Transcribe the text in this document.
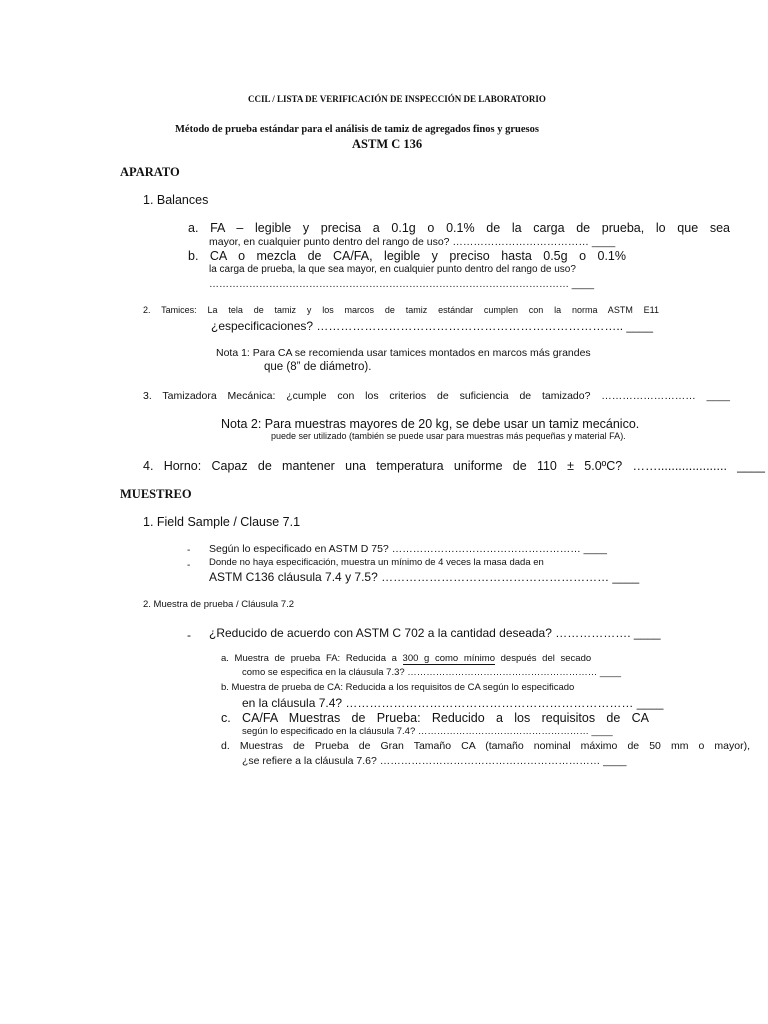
CCIL / LISTA DE VERIFICACIÓN DE INSPECCIÓN DE LABORATORIO
Método de prueba estándar para el análisis de tamiz de agregados finos y gruesos
ASTM C 136
APARATO
1. Balances
a. FA – legible y precisa a 0.1g o 0.1% de la carga de prueba, lo que sea
mayor, en cualquier punto dentro del rango de uso? ………………………………… ____
b. CA o mezcla de CA/FA, legible y preciso hasta 0.5g o 0.1%
la carga de prueba, la que sea mayor, en cualquier punto dentro del rango de uso?
……………………………………………………………………………………………… ____
2. Tamices: La tela de tamiz y los marcos de tamiz estándar cumplen con la norma ASTM E11
¿especificaciones? ………………………………………………………………….. ____
Nota 1: Para CA se recomienda usar tamices montados en marcos más grandes
que (8” de diámetro).
3. Tamizadora Mecánica: ¿cumple con los criterios de suficiencia de tamizado? ……………………… ____
Nota 2: Para muestras mayores de 20 kg, se debe usar un tamiz mecánico.
puede ser utilizado (también se puede usar para muestras más pequeñas y material FA).
4. Horno: Capaz de mantener una temperatura uniforme de 110 ± 5.0ºC? …….................... ____
MUESTREO
1. Field Sample / Clause 7.1
- Según lo especificado en ASTM D 75? ……………………………………………… ____
- Donde no haya especificación, muestra un mínimo de 4 veces la masa dada en
ASTM C136 cláusula 7.4 y 7.5? ………………………………………………… ____
2. Muestra de prueba / Cláusula 7.2
- ¿Reducido de acuerdo con ASTM C 702 a la cantidad deseada? ………………. ____
a. Muestra de prueba FA: Reducida a 300 g como mínimo después del secado
como se especifica en la cláusula 7.3? …………………………………………………… ____
b. Muestra de prueba de CA: Reducida a los requisitos de CA según lo especificado
en la cláusula 7.4? ……………………………………………………………… ____
c. CA/FA Muestras de Prueba: Reducido a los requisitos de CA
según lo especificado en la cláusula 7.4? ……………………………………………… ____
d. Muestras de Prueba de Gran Tamaño CA (tamaño nominal máximo de 50 mm o mayor),
¿se refiere a la cláusula 7.6? ……………………………………………………… ____
